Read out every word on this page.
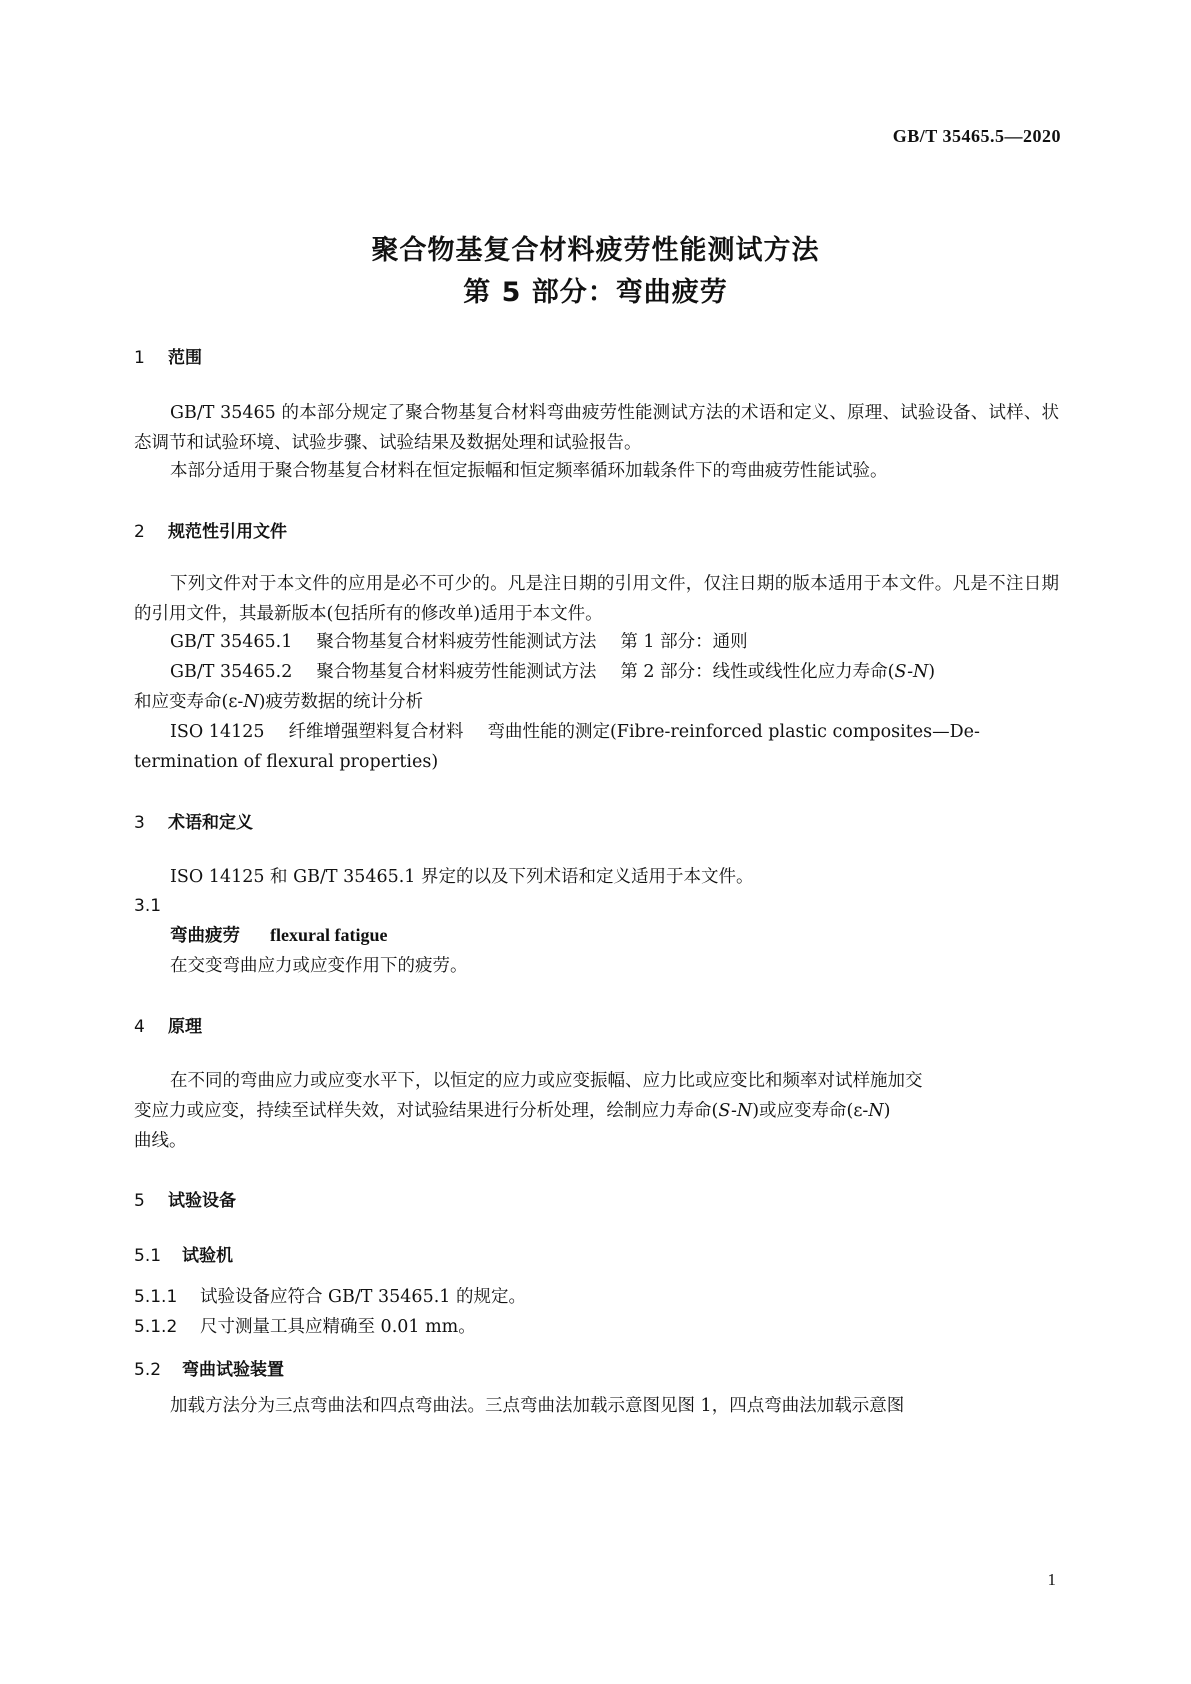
GB/T 35465.5—2020
聚合物基复合材料疲劳性能测试方法
第 5 部分：弯曲疲劳
1 范围
GB/T 35465 的本部分规定了聚合物基复合材料弯曲疲劳性能测试方法的术语和定义、原理、试验设备、试样、状态调节和试验环境、试验步骤、试验结果及数据处理和试验报告。
本部分适用于聚合物基复合材料在恒定振幅和恒定频率循环加载条件下的弯曲疲劳性能试验。
2 规范性引用文件
下列文件对于本文件的应用是必不可少的。凡是注日期的引用文件，仅注日期的版本适用于本文件。凡是不注日期的引用文件，其最新版本(包括所有的修改单)适用于本文件。
GB/T 35465.1 聚合物基复合材料疲劳性能测试方法 第 1 部分：通则
GB/T 35465.2 聚合物基复合材料疲劳性能测试方法 第 2 部分：线性或线性化应力寿命(S-N)
和应变寿命(ε-N)疲劳数据的统计分析
ISO 14125 纤维增强塑料复合材料 弯曲性能的测定(Fibre-reinforced plastic composites—De-
termination of flexural properties)
3 术语和定义
ISO 14125 和 GB/T 35465.1 界定的以及下列术语和定义适用于本文件。
3.1
弯曲疲劳 flexural fatigue
在交变弯曲应力或应变作用下的疲劳。
4 原理
在不同的弯曲应力或应变水平下，以恒定的应力或应变振幅、应力比或应变比和频率对试样施加交
变应力或应变，持续至试样失效，对试验结果进行分析处理，绘制应力寿命(S-N)或应变寿命(ε-N)
曲线。
5 试验设备
5.1 试验机
5.1.1 试验设备应符合 GB/T 35465.1 的规定。
5.1.2 尺寸测量工具应精确至 0.01 mm。
5.2 弯曲试验装置
加载方法分为三点弯曲法和四点弯曲法。三点弯曲法加载示意图见图 1，四点弯曲法加载示意图
1
